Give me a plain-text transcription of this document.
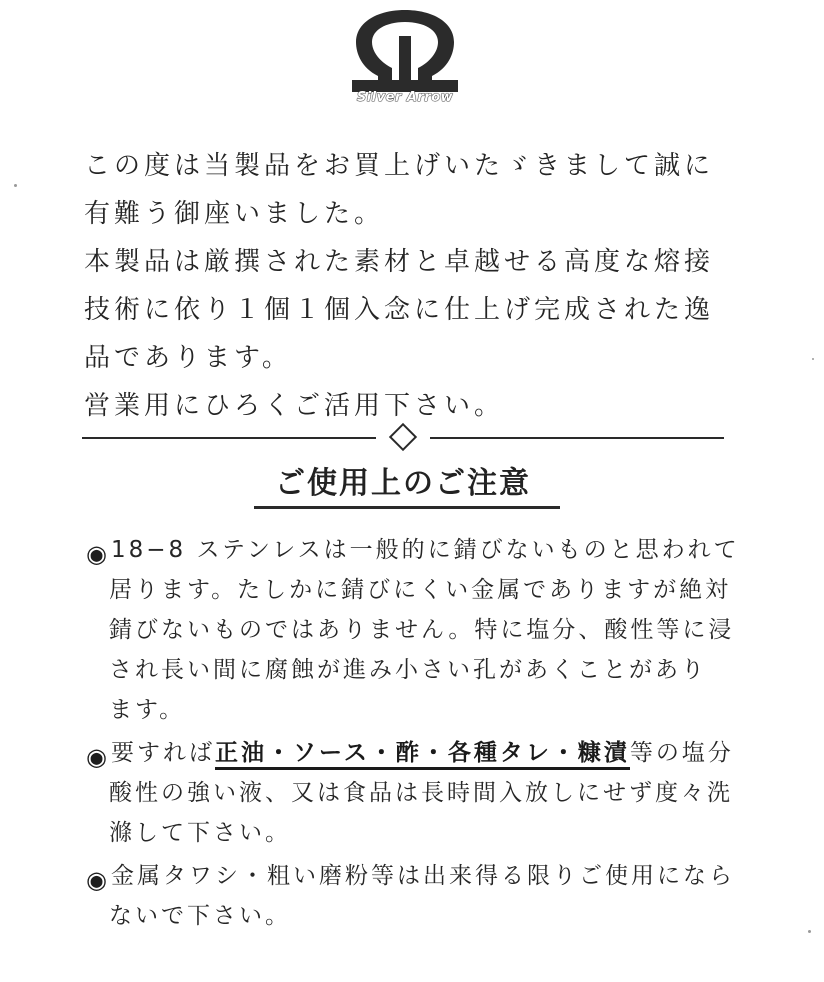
Silver Arrow

この度は当製品をお買上げいたゞきまして誠に

有難う御座いました。

本製品は厳撰された素材と卓越せる高度な熔接

技術に依り１個１個入念に仕上げ完成された逸

品であります。

営業用にひろくご活用下さい。

ご使用上のご注意
◉ 18−8 ステンレスは一般的に錆びないものと思われて
居ります。たしかに錆びにくい金属でありますが絶対
錆びないものではありません。特に塩分、酸性等に浸
され長い間に腐蝕が進み小さい孔があくことがあり
ます。
◉ 要すれば正油・ソース・酢・各種タレ・糠漬等の塩分
酸性の強い液、又は食品は長時間入放しにせず度々洗
滌して下さい。
◉ 金属タワシ・粗い磨粉等は出来得る限りご使用になら
ないで下さい。
